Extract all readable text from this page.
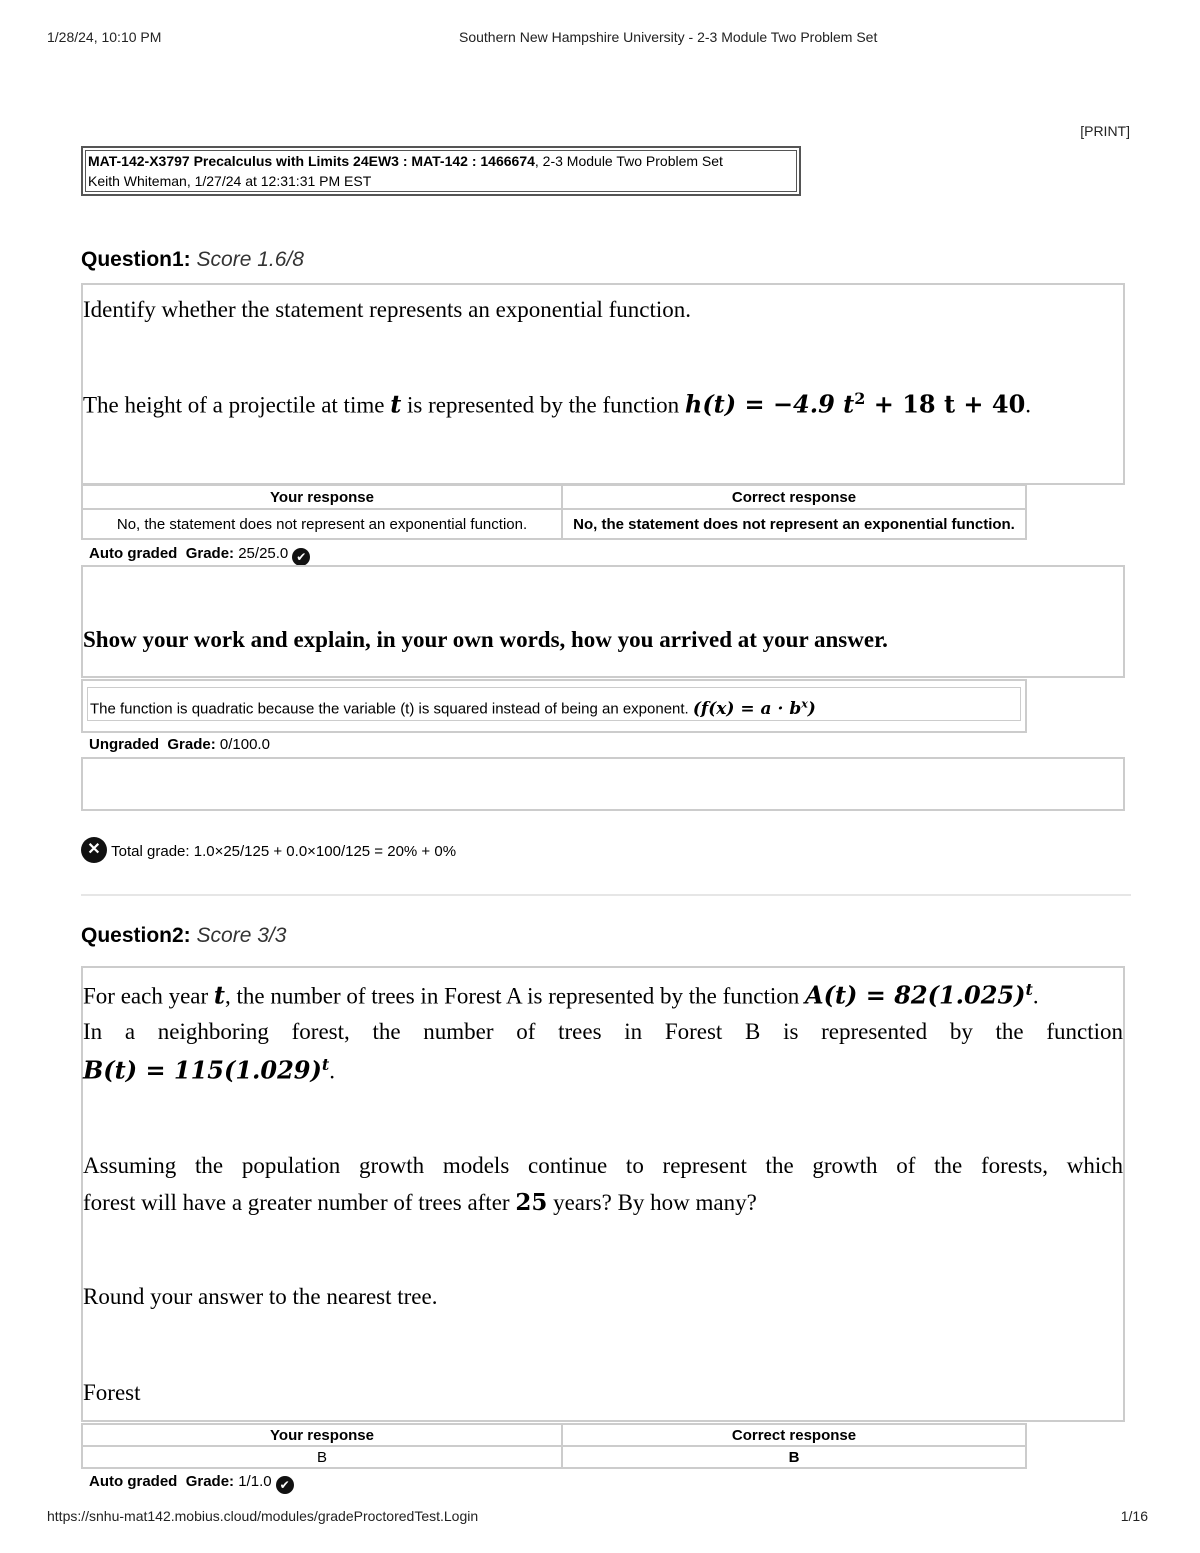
1/28/24, 10:10 PM	Southern New Hampshire University - 2-3 Module Two Problem Set
[PRINT]
MAT-142-X3797 Precalculus with Limits 24EW3 : MAT-142 : 1466674, 2-3 Module Two Problem Set
Keith Whiteman, 1/27/24 at 12:31:31 PM EST
Question1: Score 1.6/8
Identify whether the statement represents an exponential function.
The height of a projectile at time t is represented by the function h(t) = −4.9 $t^2 + 18$ t + 40.
Your response	Correct response
No, the statement does not represent an exponential function.	No, the statement does not represent an exponential function.
Auto graded Grade: 25/25.0 ✔
Show your work and explain, in your own words, how you arrived at your answer.
The function is quadratic because the variable (t) is squared instead of being an exponent. $(f(x) = a \cdot b^x)$
Ungraded Grade: 0/100.0
✕ Total grade: 1.0×25/125 + 0.0×100/125 = 20% + 0%
Question2: Score 3/3
For each year t, the number of trees in Forest A is represented by the function $A(t) = 82(1.025)^t$.
In a neighboring forest, the number of trees in Forest B is represented by the function
$B(t) = 115(1.029)^t$.
Assuming the population growth models continue to represent the growth of the forests, which
forest will have a greater number of trees after 25 years? By how many?
Round your answer to the nearest tree.
Forest
Your response	Correct response
B	B
Auto graded Grade: 1/1.0 ✔
https://snhu-mat142.mobius.cloud/modules/gradeProctoredTest.Login	1/16
